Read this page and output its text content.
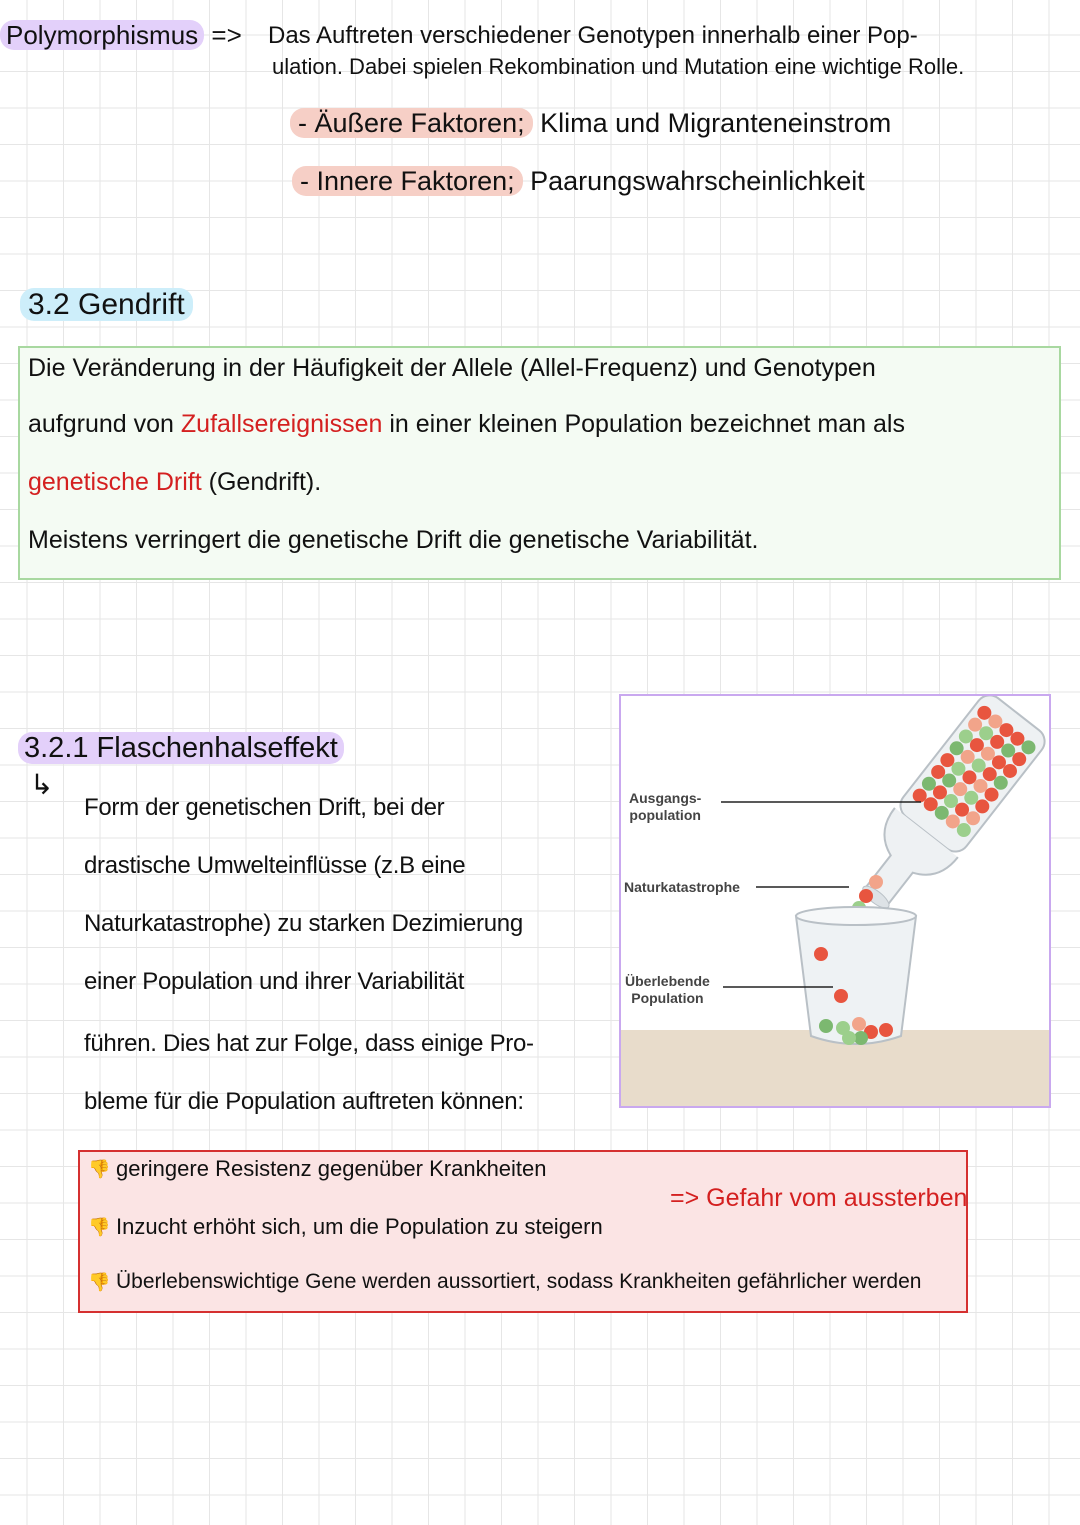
Polymorphismus => Das Auftreten verschiedener Genotypen innerhalb einer Pop-
ulation. Dabei spielen Rekombination und Mutation eine wichtige Rolle.
- Äußere Faktoren; Klima und Migranteneinstrom
- Innere Faktoren; Paarungswahrscheinlichkeit
3.2 Gendrift
Die Veränderung in der Häufigkeit der Allele (Allel-Frequenz) und Genotypen
aufgrund von Zufallsereignissen in einer kleinen Population bezeichnet man als
genetische Drift (Gendrift).
Meistens verringert die genetische Drift die genetische Variabilität.
3.2.1 Flaschenhalseffekt
↳
Form der genetischen Drift, bei der
drastische Umwelteinflüsse (z.B eine
Naturkatastrophe) zu starken Dezimierung
einer Population und ihrer Variabilität
führen. Dies hat zur Folge, dass einige Pro-
bleme für die Population auftreten können:
Ausgangs-
population
Naturkatastrophe
Überlebende
Population
👎 geringere Resistenz gegenüber Krankheiten
👎 Inzucht erhöht sich, um die Population zu steigern
👎 Überlebenswichtige Gene werden aussortiert, sodass Krankheiten gefährlicher werden
=> Gefahr vom aussterben
